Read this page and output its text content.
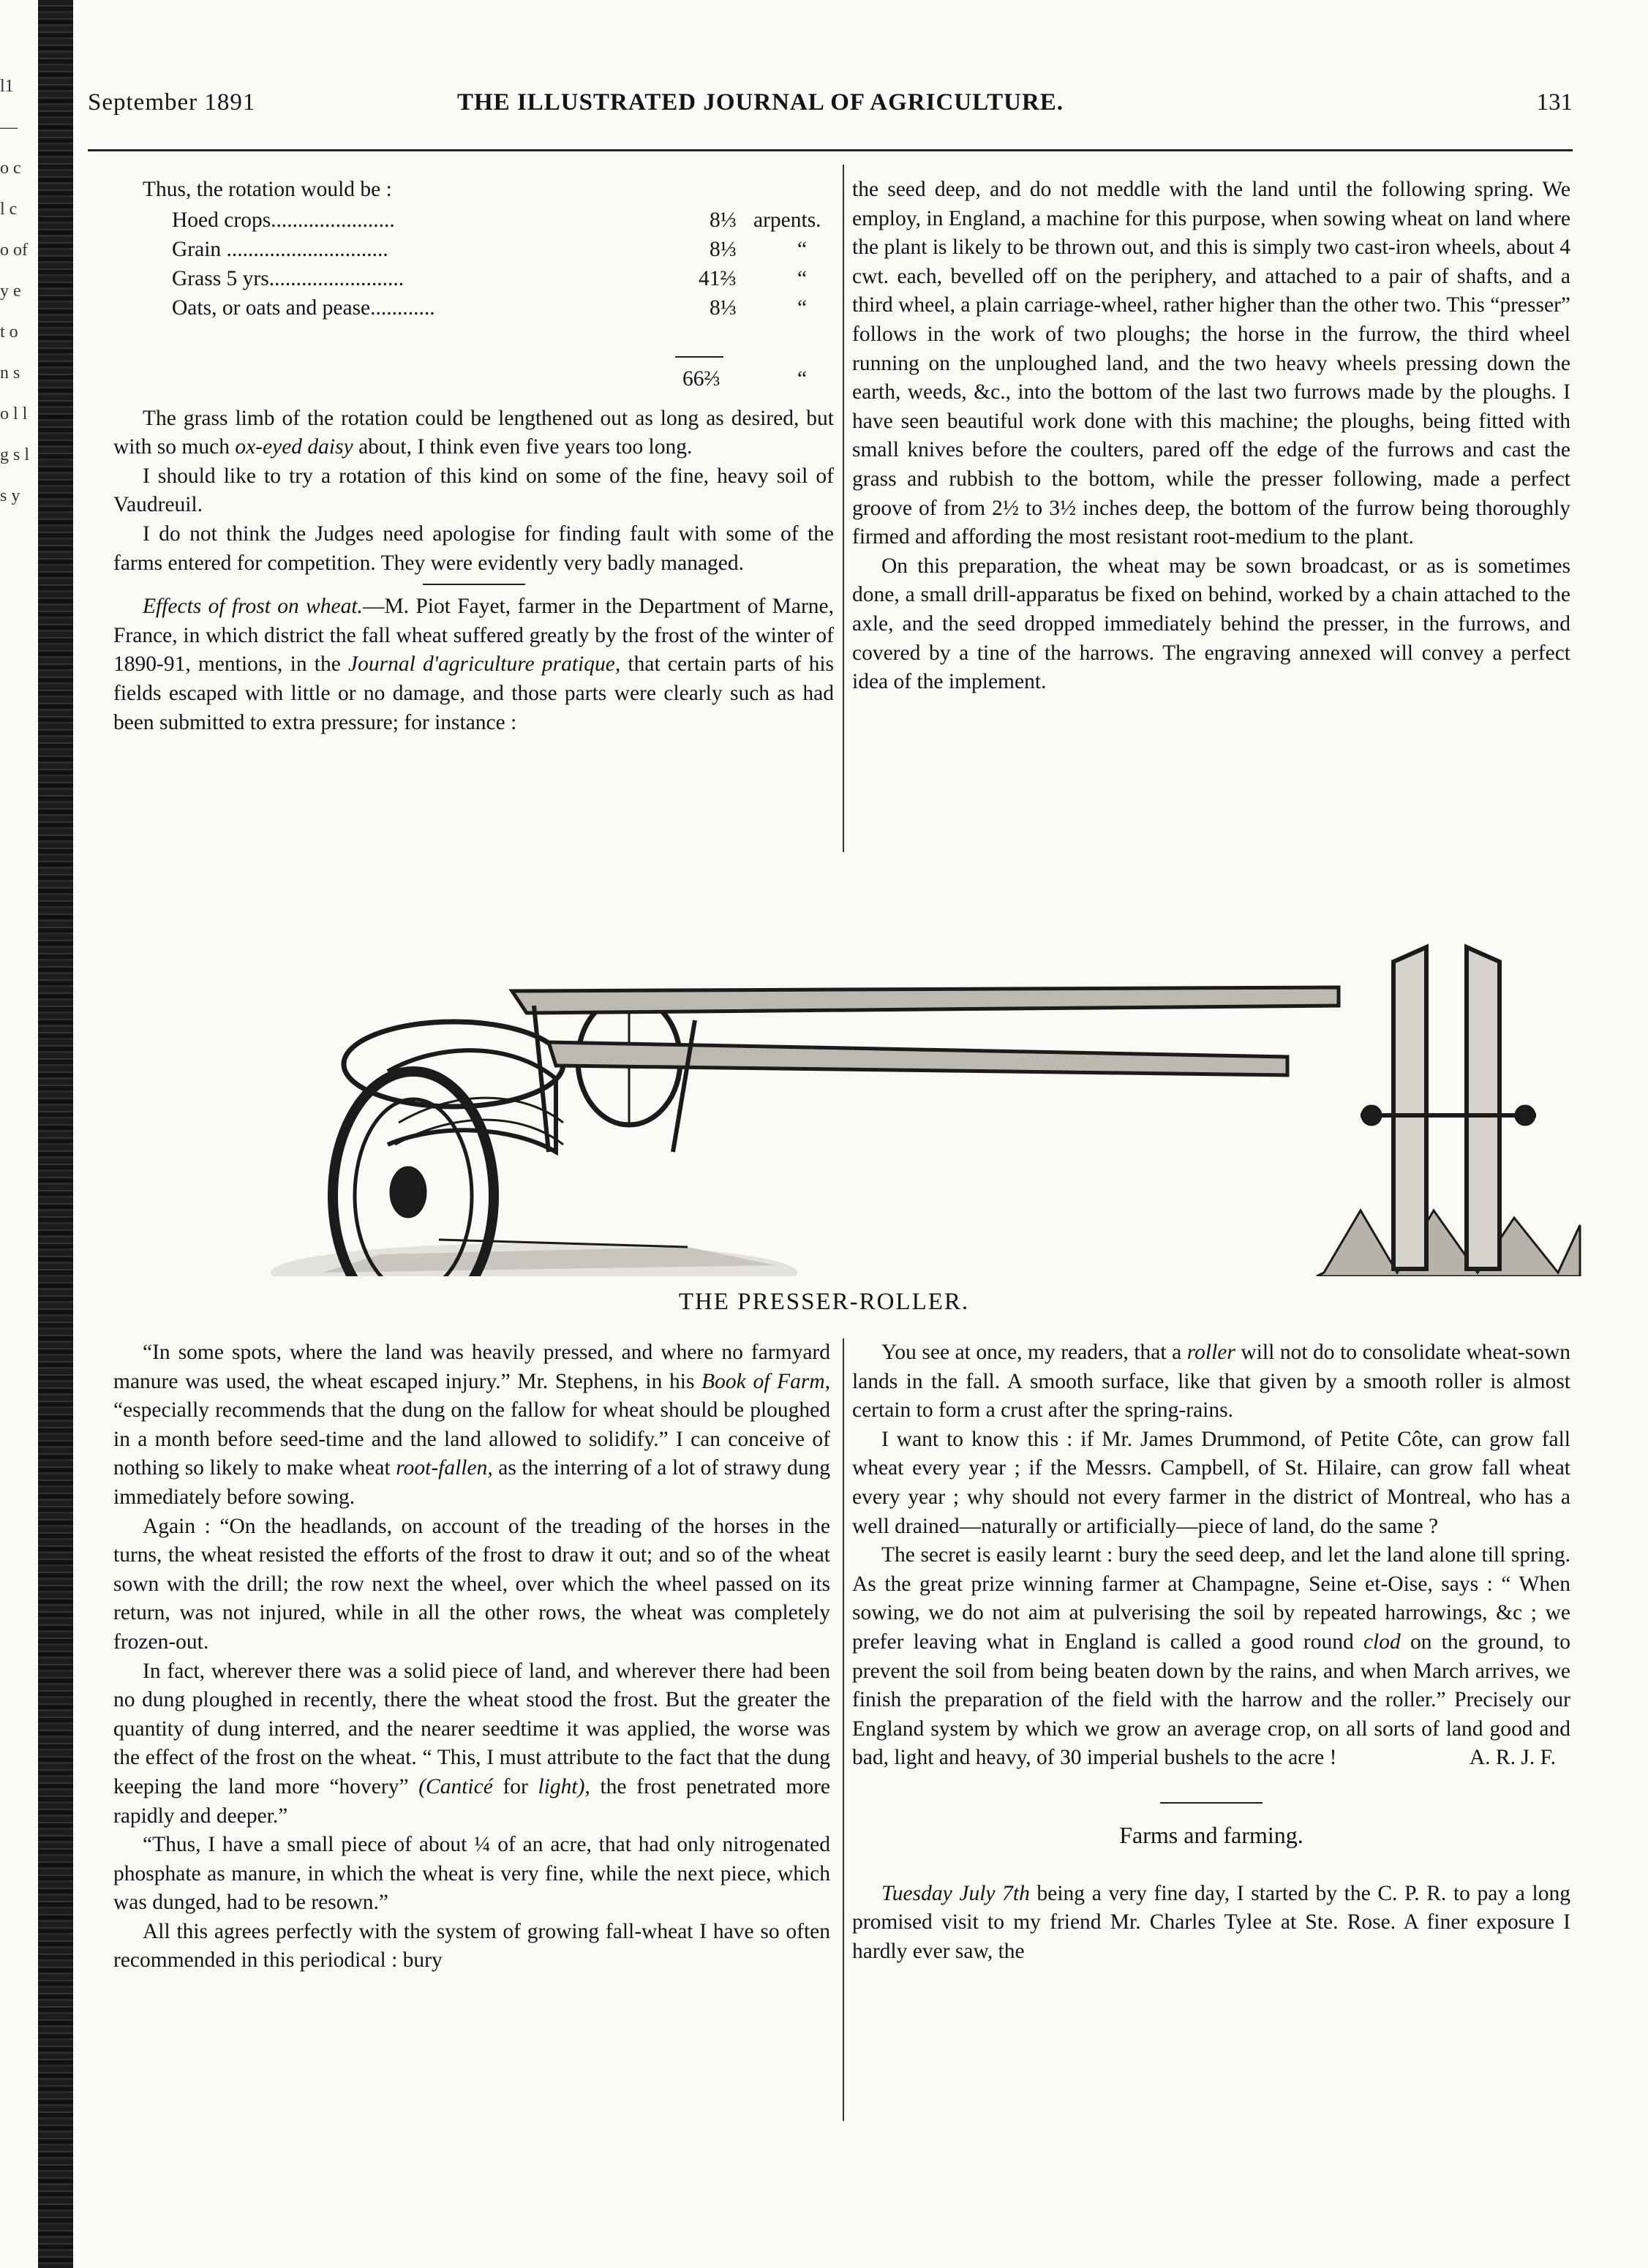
l1 — o c l c o of y e t o n s o l l g s l s y
September 1891	THE ILLUSTRATED JOURNAL OF AGRICULTURE.	131

Thus, the rotation would be :

Hoed crops.......................	8⅓ arpents.
Grain ..............................	8⅓	“
Grass 5 yrs.........................	41⅔	“
Oats, or oats and pease............	8⅓	“
66⅔	“

The grass limb of the rotation could be lengthened out as long as desired, but with so much ox-eyed daisy about, I think even five years too long.

I should like to try a rotation of this kind on some of the fine, heavy soil of Vaudreuil.

I do not think the Judges need apologise for finding fault with some of the farms entered for competition. They were evidently very badly managed.

Effects of frost on wheat.—M. Piot Fayet, farmer in the Department of Marne, France, in which district the fall wheat suffered greatly by the frost of the winter of 1890-91, mentions, in the Journal d'agriculture pratique, that certain parts of his fields escaped with little or no damage, and those parts were clearly such as had been submitted to extra pressure; for instance :

the seed deep, and do not meddle with the land until the following spring. We employ, in England, a machine for this purpose, when sowing wheat on land where the plant is likely to be thrown out, and this is simply two cast-iron wheels, about 4 cwt. each, bevelled off on the periphery, and attached to a pair of shafts, and a third wheel, a plain carriage-wheel, rather higher than the other two. This “presser” follows in the work of two ploughs; the horse in the furrow, the third wheel running on the unploughed land, and the two heavy wheels pressing down the earth, weeds, &c., into the bottom of the last two furrows made by the ploughs. I have seen beautiful work done with this machine; the ploughs, being fitted with small knives before the coulters, pared off the edge of the furrows and cast the grass and rubbish to the bottom, while the presser following, made a perfect groove of from 2½ to 3½ inches deep, the bottom of the furrow being thoroughly firmed and affording the most resistant root-medium to the plant.

On this preparation, the wheat may be sown broadcast, or as is sometimes done, a small drill-apparatus be fixed on behind, worked by a chain attached to the axle, and the seed dropped immediately behind the presser, in the furrows, and covered by a tine of the harrows. The engraving annexed will convey a perfect idea of the implement.

THE PRESSER-ROLLER.

“In some spots, where the land was heavily pressed, and where no farmyard manure was used, the wheat escaped injury.” Mr. Stephens, in his Book of Farm, “especially recommends that the dung on the fallow for wheat should be ploughed in a month before seed-time and the land allowed to solidify.” I can conceive of nothing so likely to make wheat root-fallen, as the interring of a lot of strawy dung immediately before sowing.

Again : “On the headlands, on account of the treading of the horses in the turns, the wheat resisted the efforts of the frost to draw it out; and so of the wheat sown with the drill; the row next the wheel, over which the wheel passed on its return, was not injured, while in all the other rows, the wheat was completely frozen-out.

In fact, wherever there was a solid piece of land, and wherever there had been no dung ploughed in recently, there the wheat stood the frost. But the greater the quantity of dung interred, and the nearer seedtime it was applied, the worse was the effect of the frost on the wheat. “ This, I must attribute to the fact that the dung keeping the land more “hovery” (Canticé for light), the frost penetrated more rapidly and deeper.”

“Thus, I have a small piece of about ¼ of an acre, that had only nitrogenated phosphate as manure, in which the wheat is very fine, while the next piece, which was dunged, had to be resown.”

All this agrees perfectly with the system of growing fall-wheat I have so often recommended in this periodical : bury

You see at once, my readers, that a roller will not do to consolidate wheat-sown lands in the fall. A smooth surface, like that given by a smooth roller is almost certain to form a crust after the spring-rains.

I want to know this : if Mr. James Drummond, of Petite Côte, can grow fall wheat every year ; if the Messrs. Campbell, of St. Hilaire, can grow fall wheat every year ; why should not every farmer in the district of Montreal, who has a well drained—naturally or artificially—piece of land, do the same ?

The secret is easily learnt : bury the seed deep, and let the land alone till spring. As the great prize winning farmer at Champagne, Seine et-Oise, says : “ When sowing, we do not aim at pulverising the soil by repeated harrowings, &c ; we prefer leaving what in England is called a good round clod on the ground, to prevent the soil from being beaten down by the rains, and when March arrives, we finish the preparation of the field with the harrow and the roller.” Precisely our England system by which we grow an average crop, on all sorts of land good and bad, light and heavy, of 30 imperial bushels to the acre !	A. R. J. F.

Farms and farming.

Tuesday July 7th being a very fine day, I started by the C. P. R. to pay a long promised visit to my friend Mr. Charles Tylee at Ste. Rose. A finer exposure I hardly ever saw, the
